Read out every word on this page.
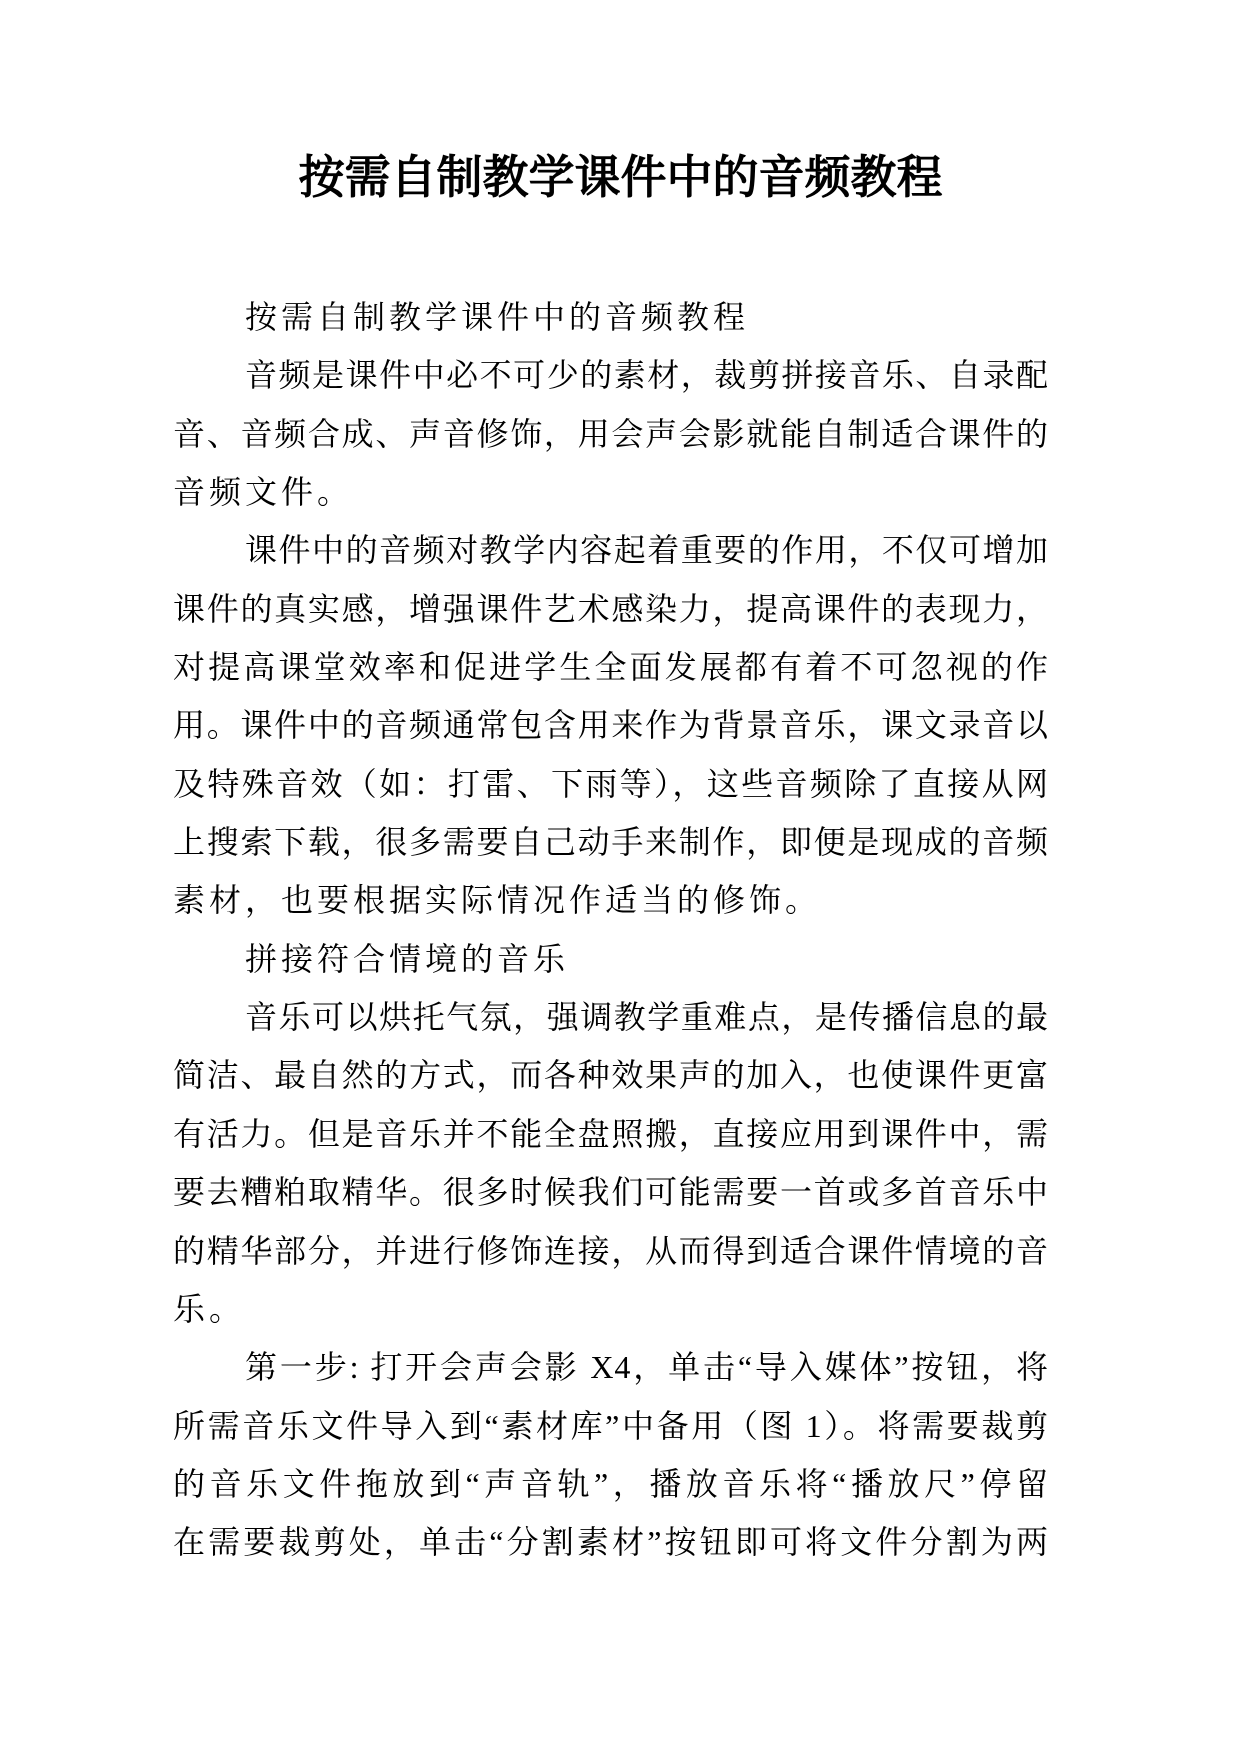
按需自制教学课件中的音频教程
按需自制教学课件中的音频教程
音频是课件中必不可少的素材，裁剪拼接音乐、自录配
音、音频合成、声音修饰，用会声会影就能自制适合课件的
音频文件。
课件中的音频对教学内容起着重要的作用，不仅可增加
课件的真实感，增强课件艺术感染力，提高课件的表现力，
对提高课堂效率和促进学生全面发展都有着不可忽视的作
用。课件中的音频通常包含用来作为背景音乐，课文录音以
及特殊音效（如：打雷、下雨等），这些音频除了直接从网
上搜索下载，很多需要自己动手来制作，即便是现成的音频
素材，也要根据实际情况作适当的修饰。
拼接符合情境的音乐
音乐可以烘托气氛，强调教学重难点，是传播信息的最
简洁、最自然的方式，而各种效果声的加入，也使课件更富
有活力。但是音乐并不能全盘照搬，直接应用到课件中，需
要去糟粕取精华。很多时候我们可能需要一首或多首音乐中
的精华部分，并进行修饰连接，从而得到适合课件情境的音
乐。
第一步: 打开会声会影 X4，单击“导入媒体”按钮，将
所需音乐文件导入到“素材库”中备用（图 1）。将需要裁剪
的音乐文件拖放到“声音轨”，播放音乐将“播放尺”停留
在需要裁剪处，单击“分割素材”按钮即可将文件分割为两
